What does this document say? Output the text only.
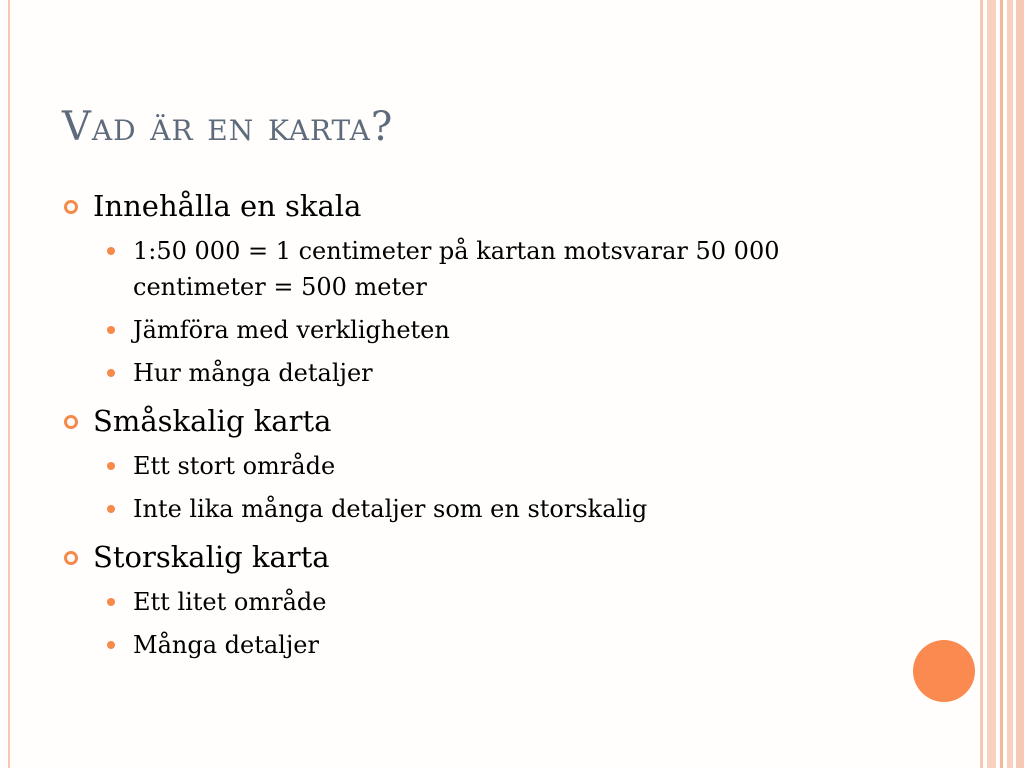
Vad är en karta?
Innehålla en skala
1:50 000 = 1 centimeter på kartan motsvarar 50 000 centimeter = 500 meter
Jämföra med verkligheten
Hur många detaljer
Småskalig karta
Ett stort område
Inte lika många detaljer som en storskalig
Storskalig karta
Ett litet område
Många detaljer
